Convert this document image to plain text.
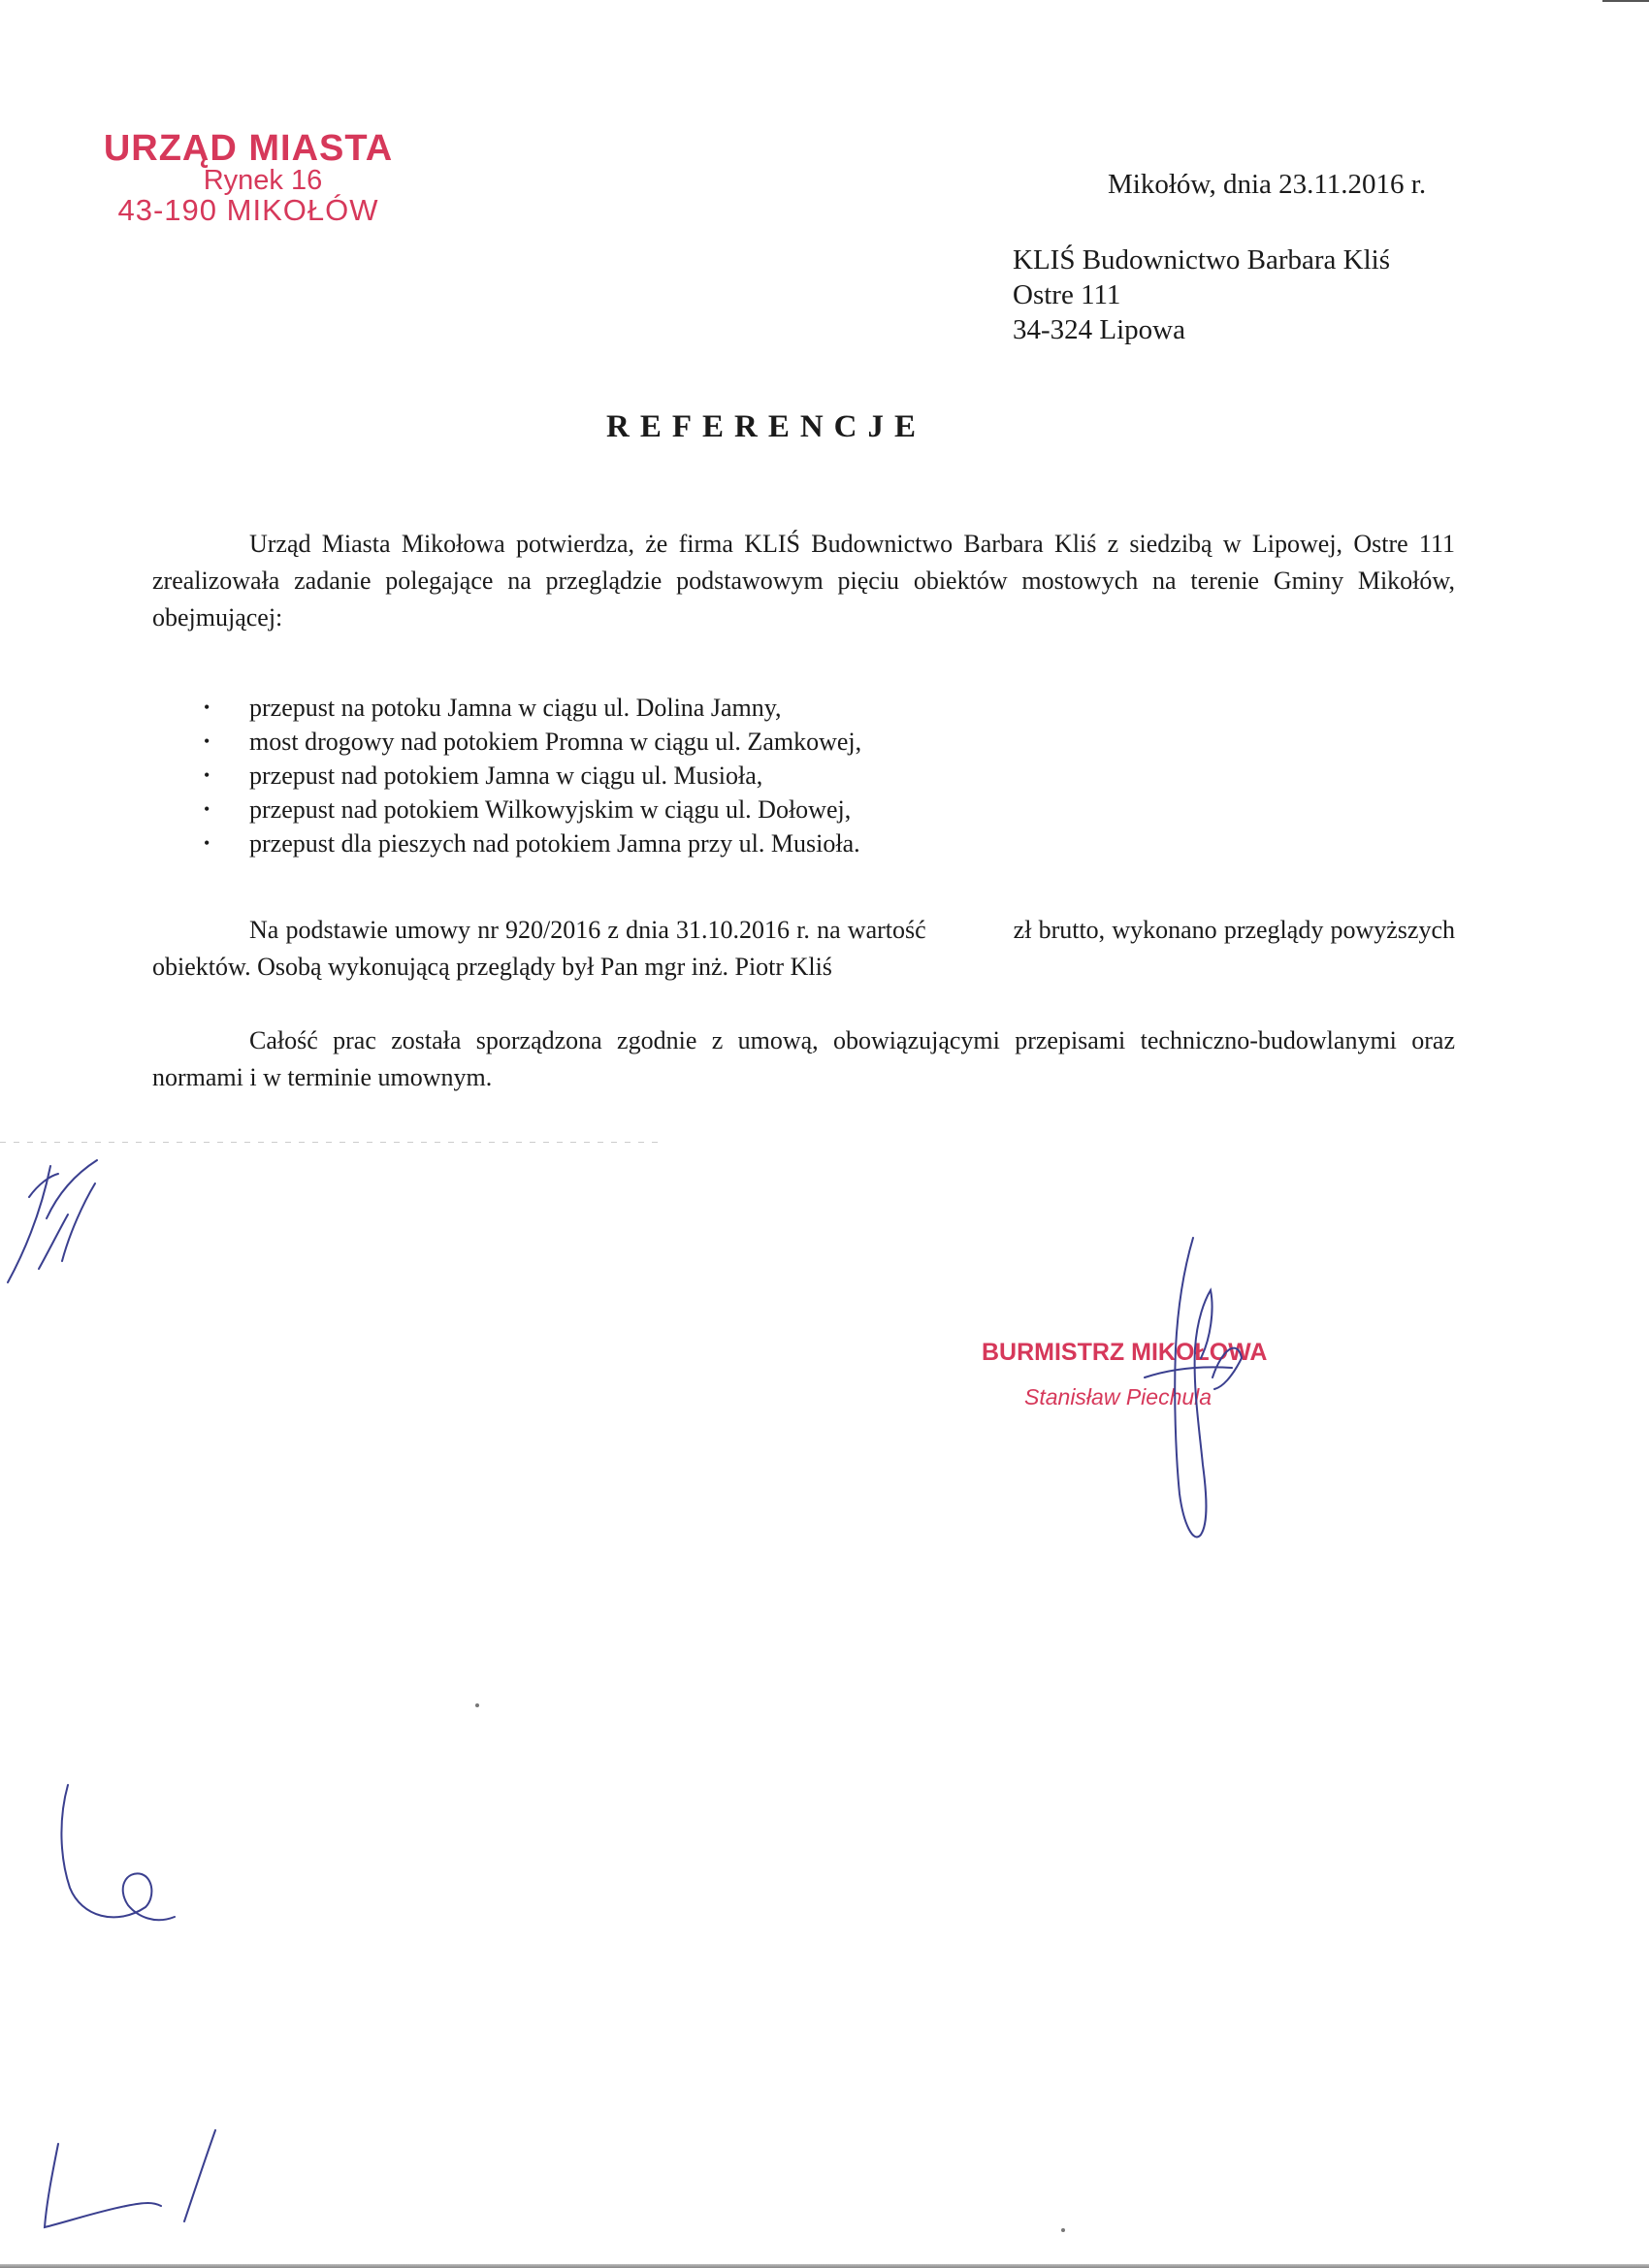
URZĄD MIASTA
Rynek 16
43-190 MIKOŁÓW
Mikołów, dnia 23.11.2016 r.
KLIŚ Budownictwo Barbara Kliś
Ostre 111
34-324 Lipowa
REFERENCJE
Urząd Miasta Mikołowa potwierdza, że firma KLIŚ Budownictwo Barbara Kliś z siedzibą w Lipowej, Ostre 111 zrealizowała zadanie polegające na przeglądzie podstawowym pięciu obiektów mostowych na terenie Gminy Mikołów, obejmującej:
• przepust na potoku Jamna w ciągu ul. Dolina Jamny,
• most drogowy nad potokiem Promna w ciągu ul. Zamkowej,
• przepust nad potokiem Jamna w ciągu ul. Musioła,
• przepust nad potokiem Wilkowyjskim w ciągu ul. Dołowej,
• przepust dla pieszych nad potokiem Jamna przy ul. Musioła.
Na podstawie umowy nr 920/2016 z dnia 31.10.2016 r. na wartość	zł brutto, wykonano przeglądy powyższych obiektów. Osobą wykonującą przeglądy był Pan mgr inż. Piotr Kliś
Całość prac została sporządzona zgodnie z umową, obowiązującymi przepisami techniczno-budowlanymi oraz normami i w terminie umownym.
BURMISTRZ MIKOŁOWA
Stanisław Piechula
